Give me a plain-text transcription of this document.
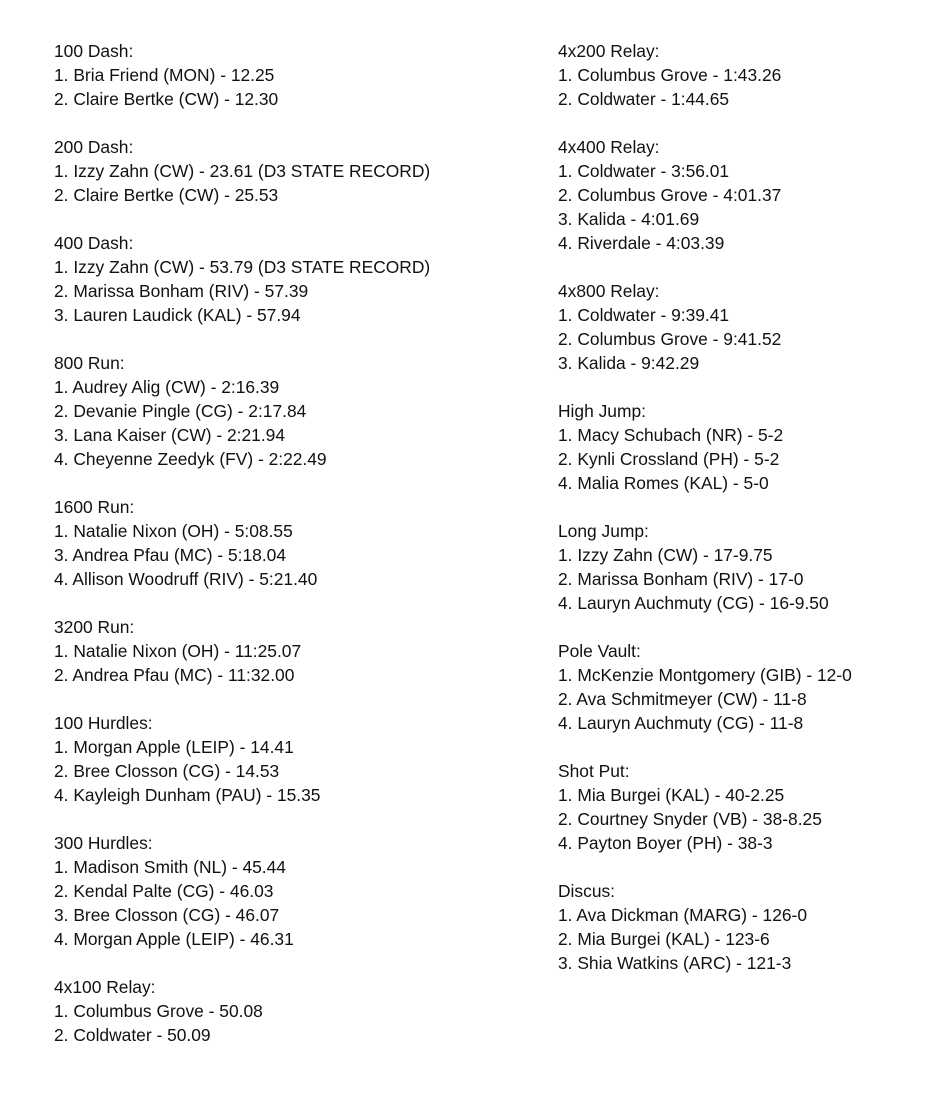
100 Dash:
1. Bria Friend (MON) - 12.25
2. Claire Bertke (CW) - 12.30
200 Dash:
1. Izzy Zahn (CW) - 23.61 (D3 STATE RECORD)
2. Claire Bertke (CW) - 25.53
400 Dash:
1. Izzy Zahn (CW) - 53.79 (D3 STATE RECORD)
2. Marissa Bonham (RIV) - 57.39
3. Lauren Laudick (KAL) - 57.94
800 Run:
1. Audrey Alig (CW) - 2:16.39
2. Devanie Pingle (CG) - 2:17.84
3. Lana Kaiser (CW) - 2:21.94
4. Cheyenne Zeedyk (FV) - 2:22.49
1600 Run:
1. Natalie Nixon (OH) - 5:08.55
3. Andrea Pfau (MC) - 5:18.04
4. Allison Woodruff (RIV) - 5:21.40
3200 Run:
1. Natalie Nixon (OH) - 11:25.07
2. Andrea Pfau (MC) - 11:32.00
100 Hurdles:
1. Morgan Apple (LEIP) - 14.41
2. Bree Closson (CG) - 14.53
4. Kayleigh Dunham (PAU) - 15.35
300 Hurdles:
1. Madison Smith (NL) - 45.44
2. Kendal Palte (CG) - 46.03
3. Bree Closson (CG) - 46.07
4. Morgan Apple (LEIP) - 46.31
4x100 Relay:
1. Columbus Grove - 50.08
2. Coldwater - 50.09
4x200 Relay:
1. Columbus Grove - 1:43.26
2. Coldwater - 1:44.65
4x400 Relay:
1. Coldwater - 3:56.01
2. Columbus Grove - 4:01.37
3. Kalida - 4:01.69
4. Riverdale - 4:03.39
4x800 Relay:
1. Coldwater - 9:39.41
2. Columbus Grove - 9:41.52
3. Kalida - 9:42.29
High Jump:
1. Macy Schubach (NR) - 5-2
2. Kynli Crossland (PH) - 5-2
4. Malia Romes (KAL) - 5-0
Long Jump:
1. Izzy Zahn (CW) - 17-9.75
2. Marissa Bonham (RIV) - 17-0
4. Lauryn Auchmuty (CG) - 16-9.50
Pole Vault:
1. McKenzie Montgomery (GIB) - 12-0
2. Ava Schmitmeyer (CW) - 11-8
4. Lauryn Auchmuty (CG) - 11-8
Shot Put:
1. Mia Burgei (KAL) - 40-2.25
2. Courtney Snyder (VB) - 38-8.25
4. Payton Boyer (PH) - 38-3
Discus:
1. Ava Dickman (MARG) - 126-0
2. Mia Burgei (KAL) - 123-6
3. Shia Watkins (ARC) - 121-3
